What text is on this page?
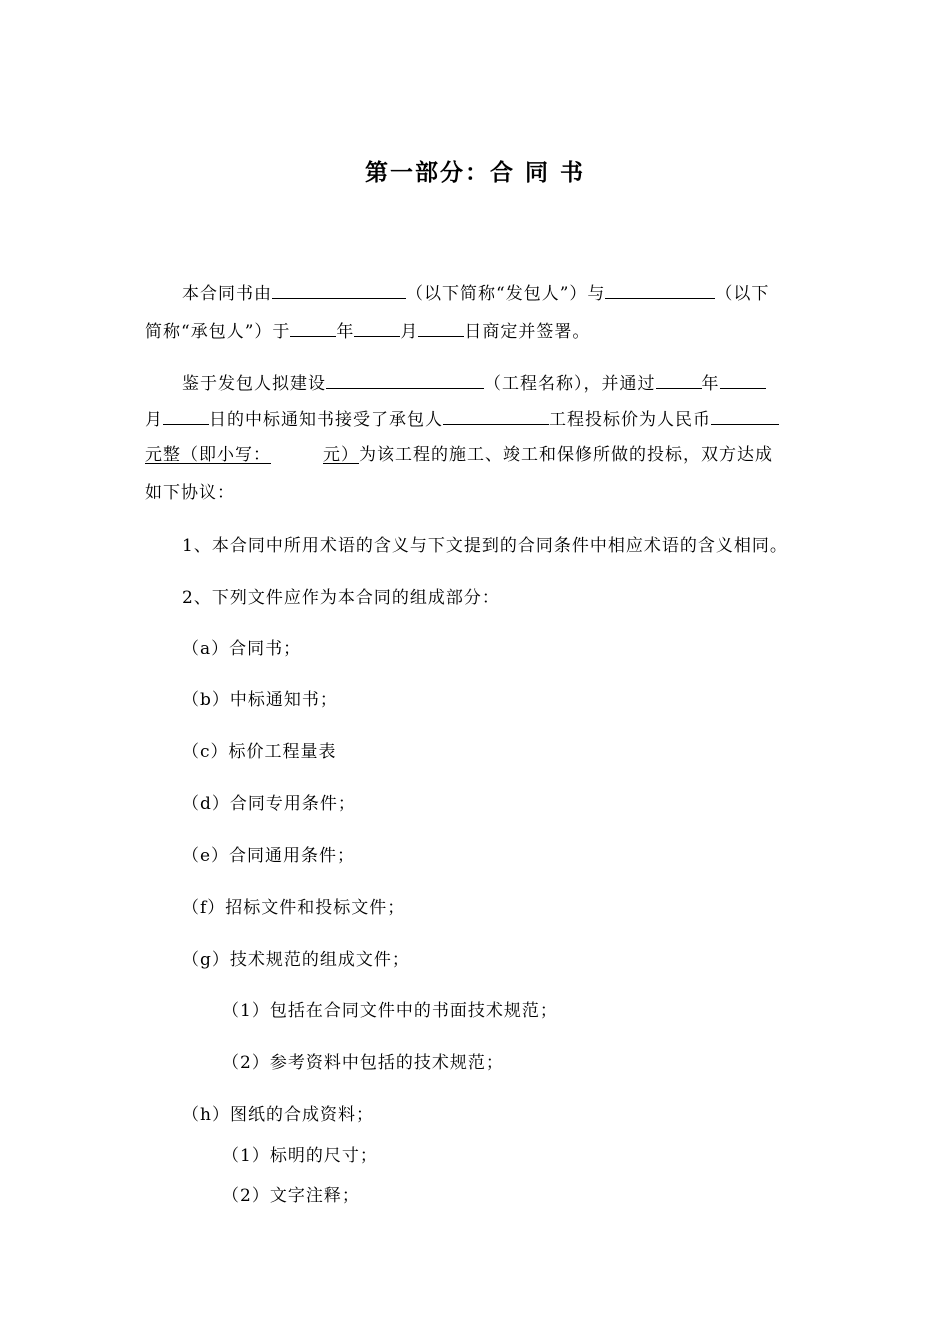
第一部分：合 同 书
本合同书由	（以下简称“发包人”）与	（以下
简称“承包人”）于	年	月	日商定并签署。
鉴于发包人拟建设	（工程名称），并通过	年
月	日的中标通知书接受了承包人	工程投标价为人民币
元整（即小写：	元）为该工程的施工、竣工和保修所做的投标，双方达成
如下协议：
1、本合同中所用术语的含义与下文提到的合同条件中相应术语的含义相同。
2、下列文件应作为本合同的组成部分：
（a）合同书；
（b）中标通知书；
（c）标价工程量表
（d）合同专用条件；
（e）合同通用条件；
（f）招标文件和投标文件；
（g）技术规范的组成文件；
（1）包括在合同文件中的书面技术规范；
（2）参考资料中包括的技术规范；
（h）图纸的合成资料；
（1）标明的尺寸；
（2）文字注释；
